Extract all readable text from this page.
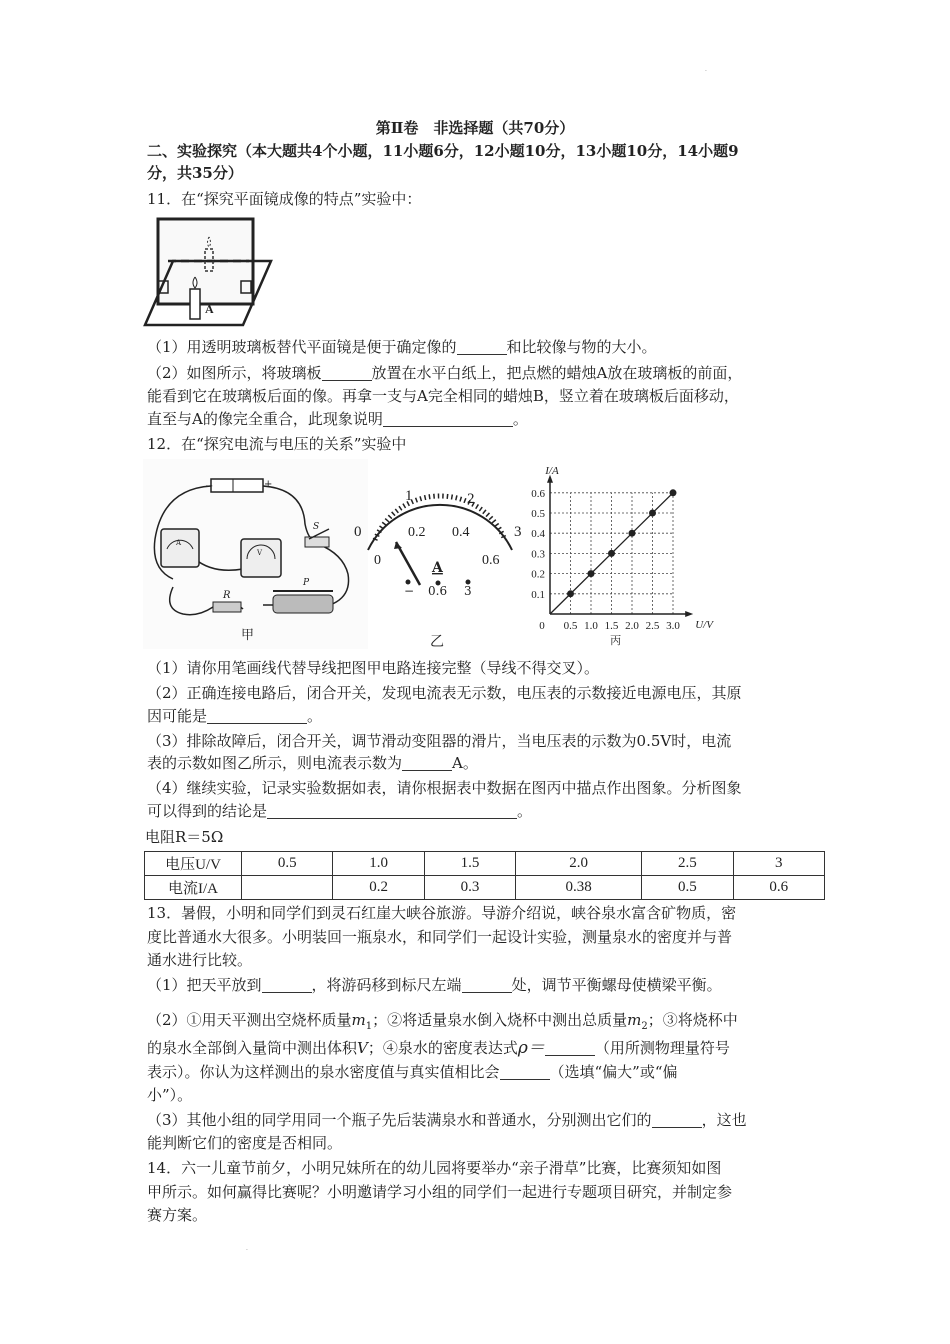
·
第Ⅱ卷　非选择题（共70分）
二、实验探究（本大题共4个小题，11小题6分，12小题10分，13小题10分，14小题9
分，共35分）
11．在“探究平面镜成像的特点”实验中：
A
（1）用透明玻璃板替代平面镜是便于确定像的	和比较像与物的大小。
（2）如图所示，将玻璃板	放置在水平白纸上，把点燃的蜡烛A放在玻璃板的前面，
能看到它在玻璃板后面的像。再拿一支与A完全相同的蜡烛B，竖立着在玻璃板后面移动，
直至与A的像完全重合，此现象说明	。
12．在“探究电流与电压的关系”实验中
−	+
A
V
S
R
P
甲
0
1	2
3
0
0.2 0.4
0.6
A
− 0.6 3
乙
0 0.5 1.0 1.5 2.0 2.5 3.0
0.1
0.2
0.3
0.4
0.5
0.6
I/A
U/V
丙
（1）请你用笔画线代替导线把图甲电路连接完整（导线不得交叉）。
（2）正确连接电路后，闭合开关，发现电流表无示数，电压表的示数接近电源电压，其原
因可能是	。
（3）排除故障后，闭合开关，调节滑动变阻器的滑片，当电压表的示数为0.5V时，电流
表的示数如图乙所示，则电流表示数为	A。
（4）继续实验，记录实验数据如表，请你根据表中数据在图丙中描点作出图象。分析图象
可以得到的结论是	。
电阻R＝5Ω
电压U/V	0.5	1.0	1.5	2.0	2.5	3
电流I/A		0.2	0.3	0.38	0.5	0.6
13．暑假，小明和同学们到灵石红崖大峡谷旅游。导游介绍说，峡谷泉水富含矿物质，密
度比普通水大很多。小明装回一瓶泉水，和同学们一起设计实验，测量泉水的密度并与普
通水进行比较。
（1）把天平放到	，将游码移到标尺左端	处，调节平衡螺母使横梁平衡。
（2）①用天平测出空烧杯质量$m_1$；②将适量泉水倒入烧杯中测出总质量$m_2$；③将烧杯中
的泉水全部倒入量筒中测出体积V；④泉水的密度表达式ρ＝	（用所测物理量符号
表示）。你认为这样测出的泉水密度值与真实值相比会	（选填“偏大”或“偏
小”）。
（3）其他小组的同学用同一个瓶子先后装满泉水和普通水，分别测出它们的	，这也
能判断它们的密度是否相同。
14．六一儿童节前夕，小明兄妹所在的幼儿园将要举办“亲子滑草”比赛，比赛须知如图
甲所示。如何赢得比赛呢？小明邀请学习小组的同学们一起进行专题项目研究，并制定参
赛方案。
·
